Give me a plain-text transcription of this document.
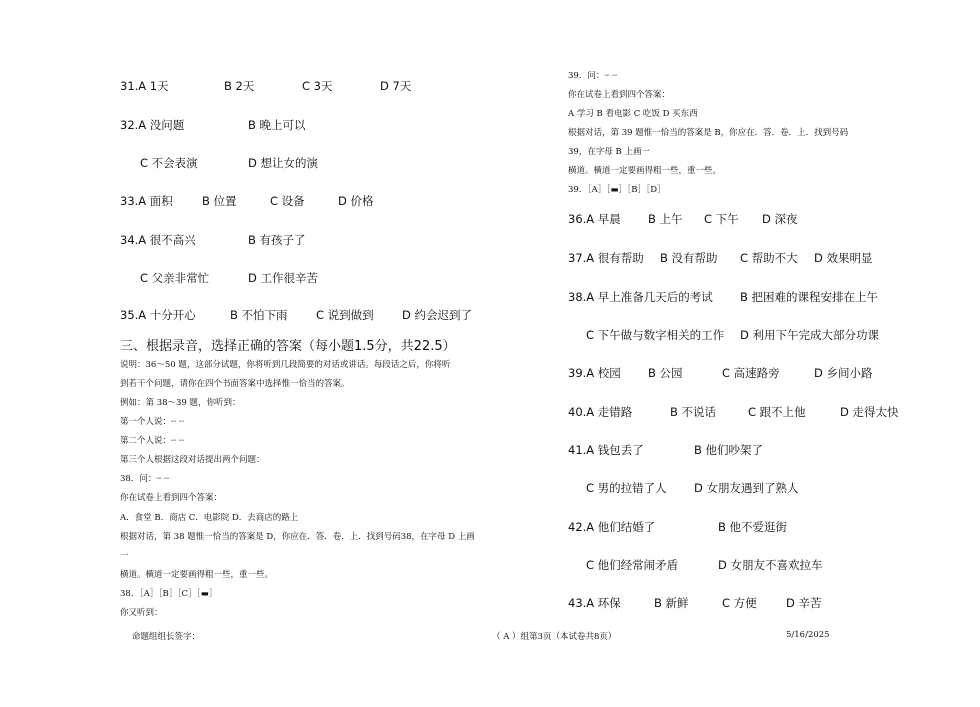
31.A 1天	B 2天	C 3天	D 7天
32.A 没问题	B 晚上可以
C 不会表演	D 想让女的演
33.A 面积	B 位置	C 设备	D 价格
34.A 很不高兴	B 有孩子了
C 父亲非常忙	D 工作很辛苦
35.A 十分开心	B 不怕下雨 C 说到做到 D 约会迟到了
三、根据录音，选择正确的答案（每小题1.5分，共22.5）
说明：36～50 题，这部分试题，你将听到几段简要的对话或讲话。每段话之后，你将听
到若干个问题，请你在四个书面答案中选择惟一恰当的答案。
例如：第 38～39 题，你听到：
第一个人说：┈ ┈
第二个人说：┈ ┈
第三个人根据这段对话提出两个问题：
38．问：┈ ┈
你在试卷上看到四个答案：
A．食堂 B．商店 C．电影院 D．去商店的路上
根据对话，第 38 题惟一恰当的答案是 D，你应在．答．卷．上．找到号码38，在字母 D 上画
一
横道。横道一定要画得粗一些，重一些。
38．［A］［B］［C］［▬］
你又听到：
39．问：┈ ┈
你在试卷上看到四个答案：
A 学习 B 看电影 C 吃饭 D 买东西
根据对话，第 39 题惟一恰当的答案是 B，你应在．答．卷．上．找到号码
39，在字母 B 上画一
横道。横道一定要画得粗一些，重一些。
39．［A］［▬］［B］［D］
36.A 早晨 B 上午 C 下午 D 深夜
37.A 很有帮助 B 没有帮助 C 帮助不大 D 效果明显
38.A 早上准备几天后的考试 B 把困难的课程安排在上午
C 下午做与数字相关的工作 D 利用下午完成大部分功课
39.A 校园 B 公园	C 高速路旁	D 乡间小路
40.A 走错路	B 不说话	C 跟不上他	D 走得太快
41.A 钱包丢了	B 他们吵架了
C 男的拉错了人 D 女朋友遇到了熟人
42.A 他们结婚了	B 他不爱逛街
C 他们经常闹矛盾	D 女朋友不喜欢拉车
43.A 环保	B 新鲜	C 方便	D 辛苦
命题组组长签字：	（ A ）组第3页（本试卷共8页）	5/16/2025
